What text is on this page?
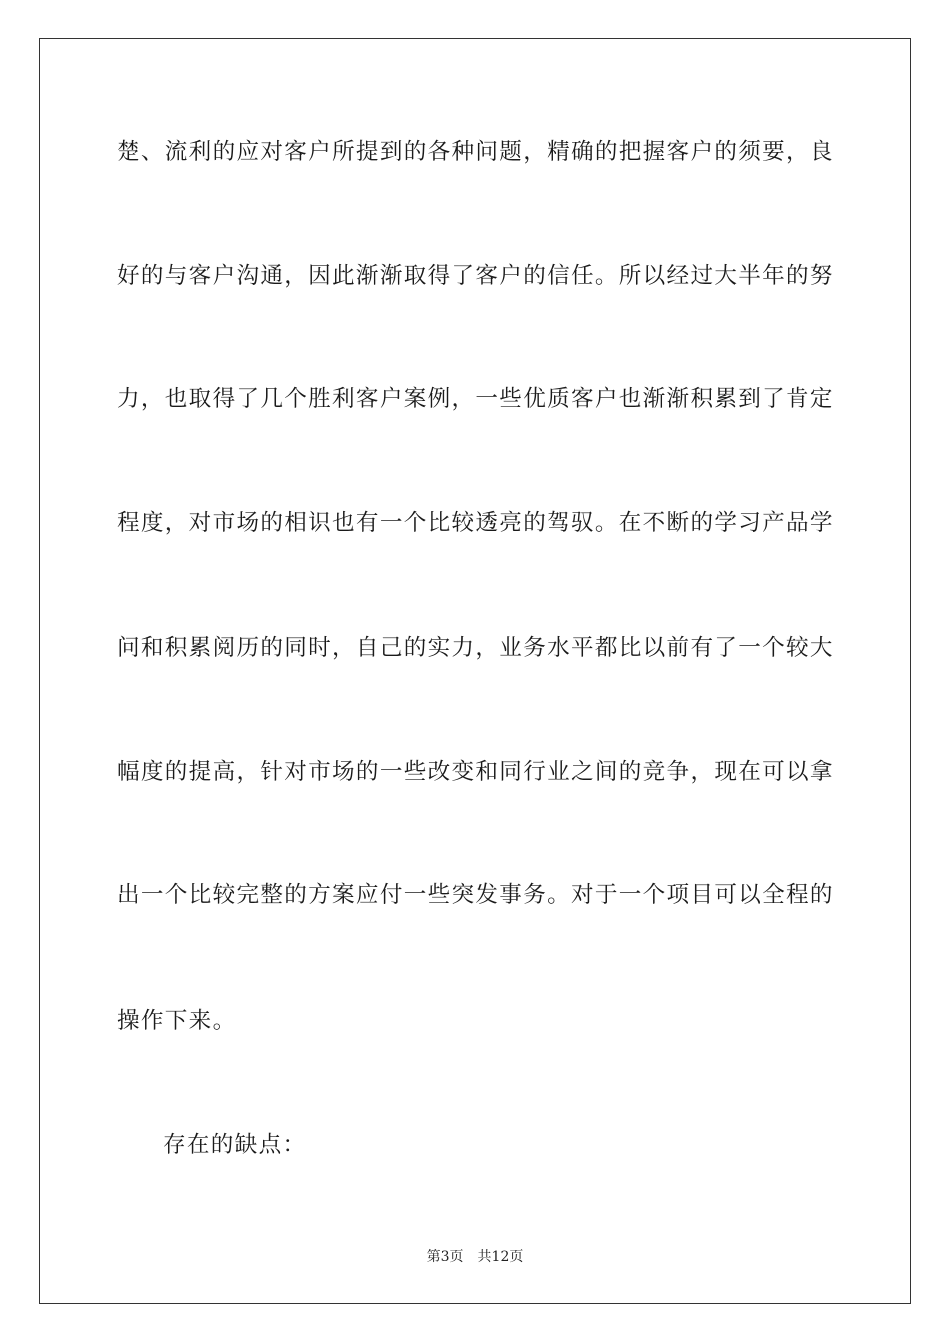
楚、流利的应对客户所提到的各种问题，精确的把握客户的须要，良
好的与客户沟通，因此渐渐取得了客户的信任。所以经过大半年的努
力，也取得了几个胜利客户案例，一些优质客户也渐渐积累到了肯定
程度，对市场的相识也有一个比较透亮的驾驭。在不断的学习产品学
问和积累阅历的同时，自己的实力，业务水平都比以前有了一个较大
幅度的提高，针对市场的一些改变和同行业之间的竞争，现在可以拿
出一个比较完整的方案应付一些突发事务。对于一个项目可以全程的
操作下来。
存在的缺点：
第3页 共12页
